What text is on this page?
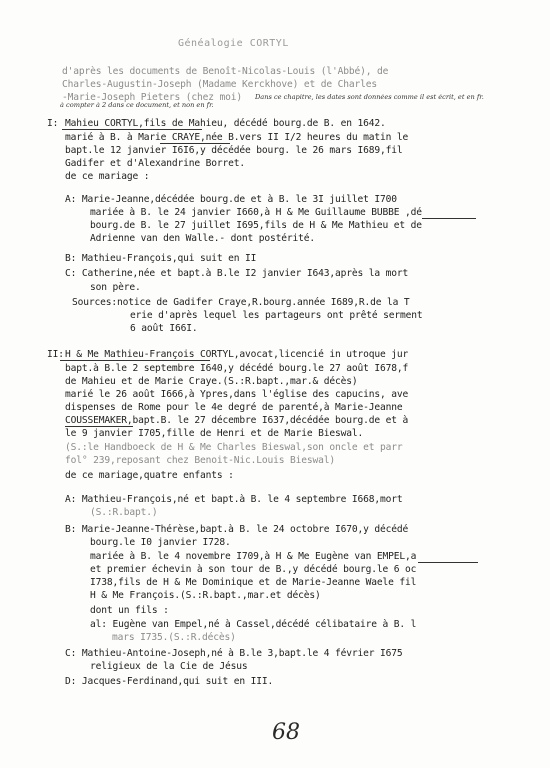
Généalogie CORTYL
d'après les documents de Benoît-Nicolas-Louis (l'Abbé), de
Charles-Augustin-Joseph (Madame Kerckhove) et de Charles
-Marie-Joseph Pieters (chez moi)	Dans ce chapitre, les dates sont données comme il est écrit, et en fr.
à compter à 2 dans ce document, et non en fr.
I: Mahieu CORTYL,fils de Mahieu, décédé bourg.de B. en 1642.
marié à B. à Marie CRAYE,née B.vers II I/2 heures du matin le
bapt.le 12 janvier I6I6,y décédée bourg. le 26 mars I689,fil
Gadifer et d'Alexandrine Borret.
de ce mariage :
A: Marie-Jeanne,décédée bourg.de et à B. le 3I juillet I700
mariée à B. le 24 janvier I660,à H & Me Guillaume BUBBE ,dé
bourg.de B. le 27 juillet I695,fils de H & Me Mathieu et de
Adrienne van den Walle.- dont postérité.
B: Mathieu-François,qui suit en II
C: Catherine,née et bapt.à B.le I2 janvier I643,après la mort
son père.
Sources:notice de Gadifer Craye,R.bourg.année I689,R.de la T
erie d'après lequel les partageurs ont prêté serment
6 août I66I.
II: H & Me Mathieu-François CORTYL,avocat,licencié in utroque jur
bapt.à B.le 2 septembre I640,y décédé bourg.le 27 août I678,f
de Mahieu et de Marie Craye.(S.:R.bapt.,mar.& décès)
marié le 26 août I666,à Ypres,dans l'église des capucins, ave
dispenses de Rome pour le 4e degré de parenté,à Marie-Jeanne
COUSSEMAKER,bapt.B. le 27 décembre I637,décédée bourg.de et à
le 9 janvier I705,fille de Henri et de Marie Bieswal.
(S.:le Handboeck de H & Me Charles Bieswal,son oncle et parr
fol° 239,reposant chez Benoit-Nic.Louis Bieswal)
de ce mariage,quatre enfants :
A: Mathieu-François,né et bapt.à B. le 4 septembre I668,mort
(S.:R.bapt.)
B: Marie-Jeanne-Thérèse,bapt.à B. le 24 octobre I670,y décédé
bourg.le I0 janvier I728.
mariée à B. le 4 novembre I709,à H & Me Eugène van EMPEL,a
et premier échevin à son tour de B.,y décédé bourg.le 6 oc
I738,fils de H & Me Dominique et de Marie-Jeanne Waele fil
H & Me François.(S.:R.bapt.,mar.et décès)
dont un fils :
al: Eugène van Empel,né à Cassel,décédé célibataire à B. l
mars I735.(S.:R.décès)
C: Mathieu-Antoine-Joseph,né à B.le 3,bapt.le 4 février I675
religieux de la Cie de Jésus
D: Jacques-Ferdinand,qui suit en III.
68
